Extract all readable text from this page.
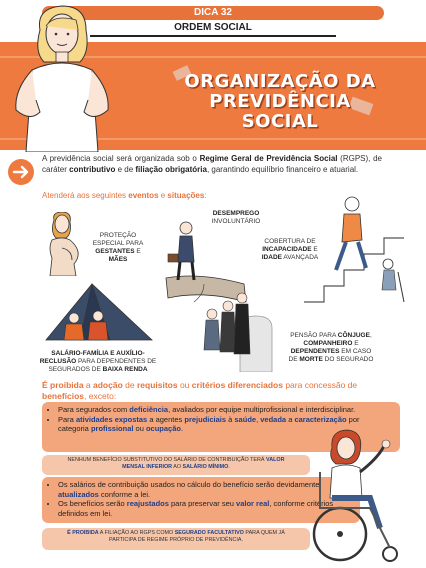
DICA 32
ORDEM SOCIAL
ORGANIZAÇÃO DA
PREVIDÊNCIA SOCIAL
A previdência social será organizada sob o Regime Geral de Previdência Social (RGPS), de caráter contributivo e de filiação obrigatória, garantindo equilíbrio financeiro e atuarial.
Atenderá aos seguintes eventos e situações:
PROTEÇÃO
ESPECIAL PARA
GESTANTES E
MÃES
DESEMPREGO
INVOLUNTÁRIO
COBERTURA DE
INCAPACIDADE E
IDADE AVANÇADA
SALÁRIO-FAMÍLIA E AUXÍLIO-
RECLUSÃO PARA DEPENDENTES DE
SEGURADOS DE BAIXA RENDA
PENSÃO PARA CÔNJUGE,
COMPANHEIRO E
DEPENDENTES EM CASO
DE MORTE DO SEGURADO
É proibida a adoção de requisitos ou critérios diferenciados para concessão de benefícios, exceto:
• Para segurados com deficiência, avaliados por equipe multiprofissional e interdisciplinar.
• Para atividades expostas a agentes prejudiciais à saúde, vedada a caracterização por categoria profissional ou ocupação.
NENHUM BENEFÍCIO SUBSTITUTIVO DO SALÁRIO DE CONTRIBUIÇÃO TERÁ VALOR
MENSAL INFERIOR AO SALÁRIO MÍNIMO.
• Os salários de contribuição usados no cálculo do benefício serão devidamente atualizados conforme a lei.
• Os benefícios serão reajustados para preservar seu valor real, conforme critérios definidos em lei.
É PROIBIDA A FILIAÇÃO AO RGPS COMO SEGURADO FACULTATIVO PARA QUEM JÁ
PARTICIPA DE REGIME PRÓPRIO DE PREVIDÊNCIA.
